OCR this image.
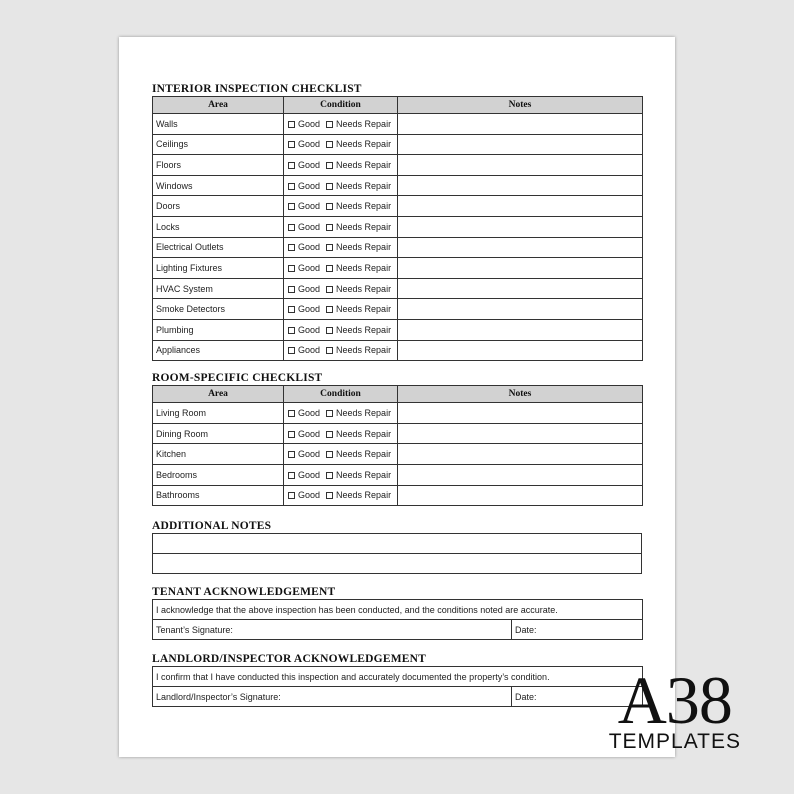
INTERIOR INSPECTION CHECKLIST
Area	Condition	Notes
Walls	Good Needs Repair	
Ceilings	Good Needs Repair	
Floors	Good Needs Repair	
Windows	Good Needs Repair	
Doors	Good Needs Repair	
Locks	Good Needs Repair	
Electrical Outlets	Good Needs Repair	
Lighting Fixtures	Good Needs Repair	
HVAC System	Good Needs Repair	
Smoke Detectors	Good Needs Repair	
Plumbing	Good Needs Repair	
Appliances	Good Needs Repair	
ROOM-SPECIFIC CHECKLIST
Area	Condition	Notes
Living Room	Good Needs Repair	
Dining Room	Good Needs Repair	
Kitchen	Good Needs Repair	
Bedrooms	Good Needs Repair	
Bathrooms	Good Needs Repair	
ADDITIONAL NOTES

TENANT ACKNOWLEDGEMENT
I acknowledge that the above inspection has been conducted, and the conditions noted are accurate.
Tenant’s Signature:	Date:
LANDLORD/INSPECTOR ACKNOWLEDGEMENT
I confirm that I have conducted this inspection and accurately documented the property’s condition.
Landlord/Inspector’s Signature:	Date: A38
TEMPLATES
